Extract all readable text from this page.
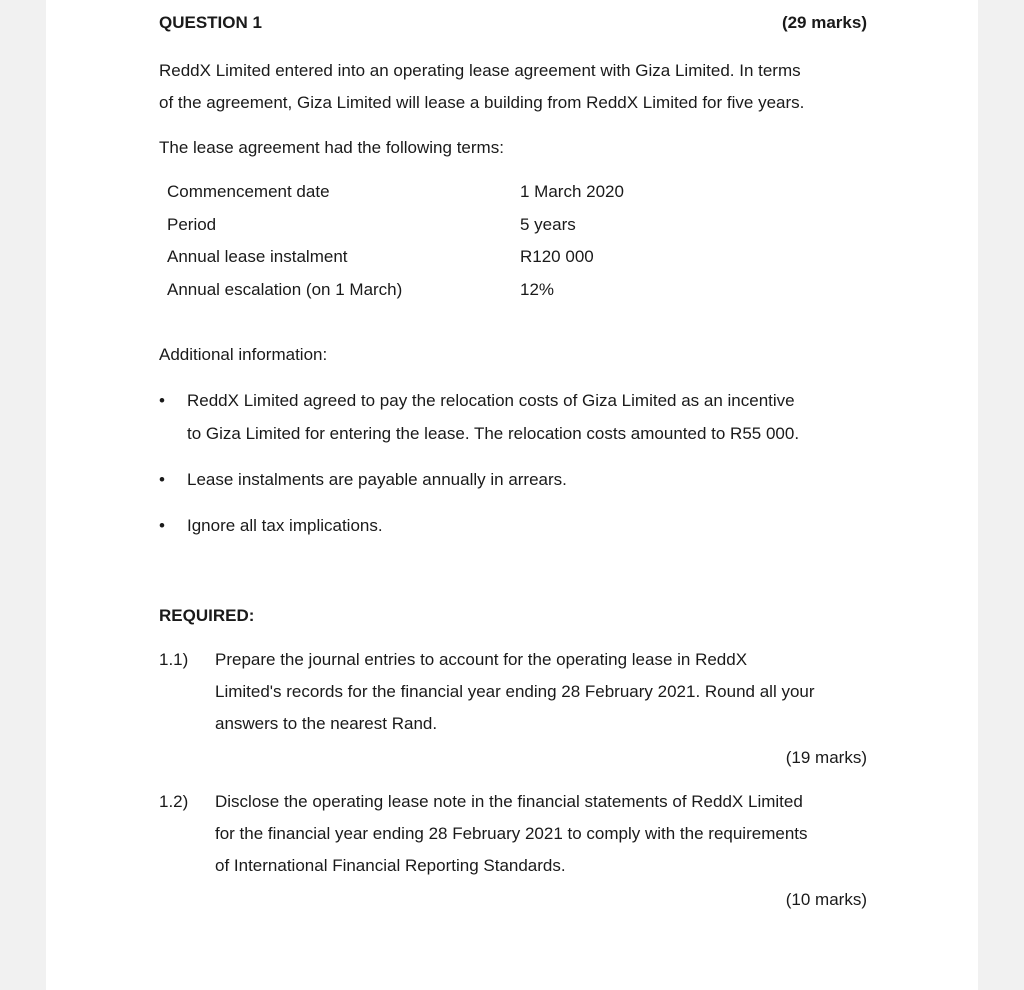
QUESTION 1	(29 marks)
ReddX Limited entered into an operating lease agreement with Giza Limited. In terms
of the agreement, Giza Limited will lease a building from ReddX Limited for five years.
The lease agreement had the following terms:
Commencement date	1 March 2020
Period	5 years
Annual lease instalment	R120 000
Annual escalation (on 1 March)	12%
Additional information:
•	ReddX Limited agreed to pay the relocation costs of Giza Limited as an incentive
to Giza Limited for entering the lease. The relocation costs amounted to R55 000.
•	Lease instalments are payable annually in arrears.
•	Ignore all tax implications.
REQUIRED:
1.1) Prepare the journal entries to account for the operating lease in ReddX
Limited's records for the financial year ending 28 February 2021. Round all your
answers to the nearest Rand.
(19 marks)
1.2) Disclose the operating lease note in the financial statements of ReddX Limited
for the financial year ending 28 February 2021 to comply with the requirements
of International Financial Reporting Standards.
(10 marks)
